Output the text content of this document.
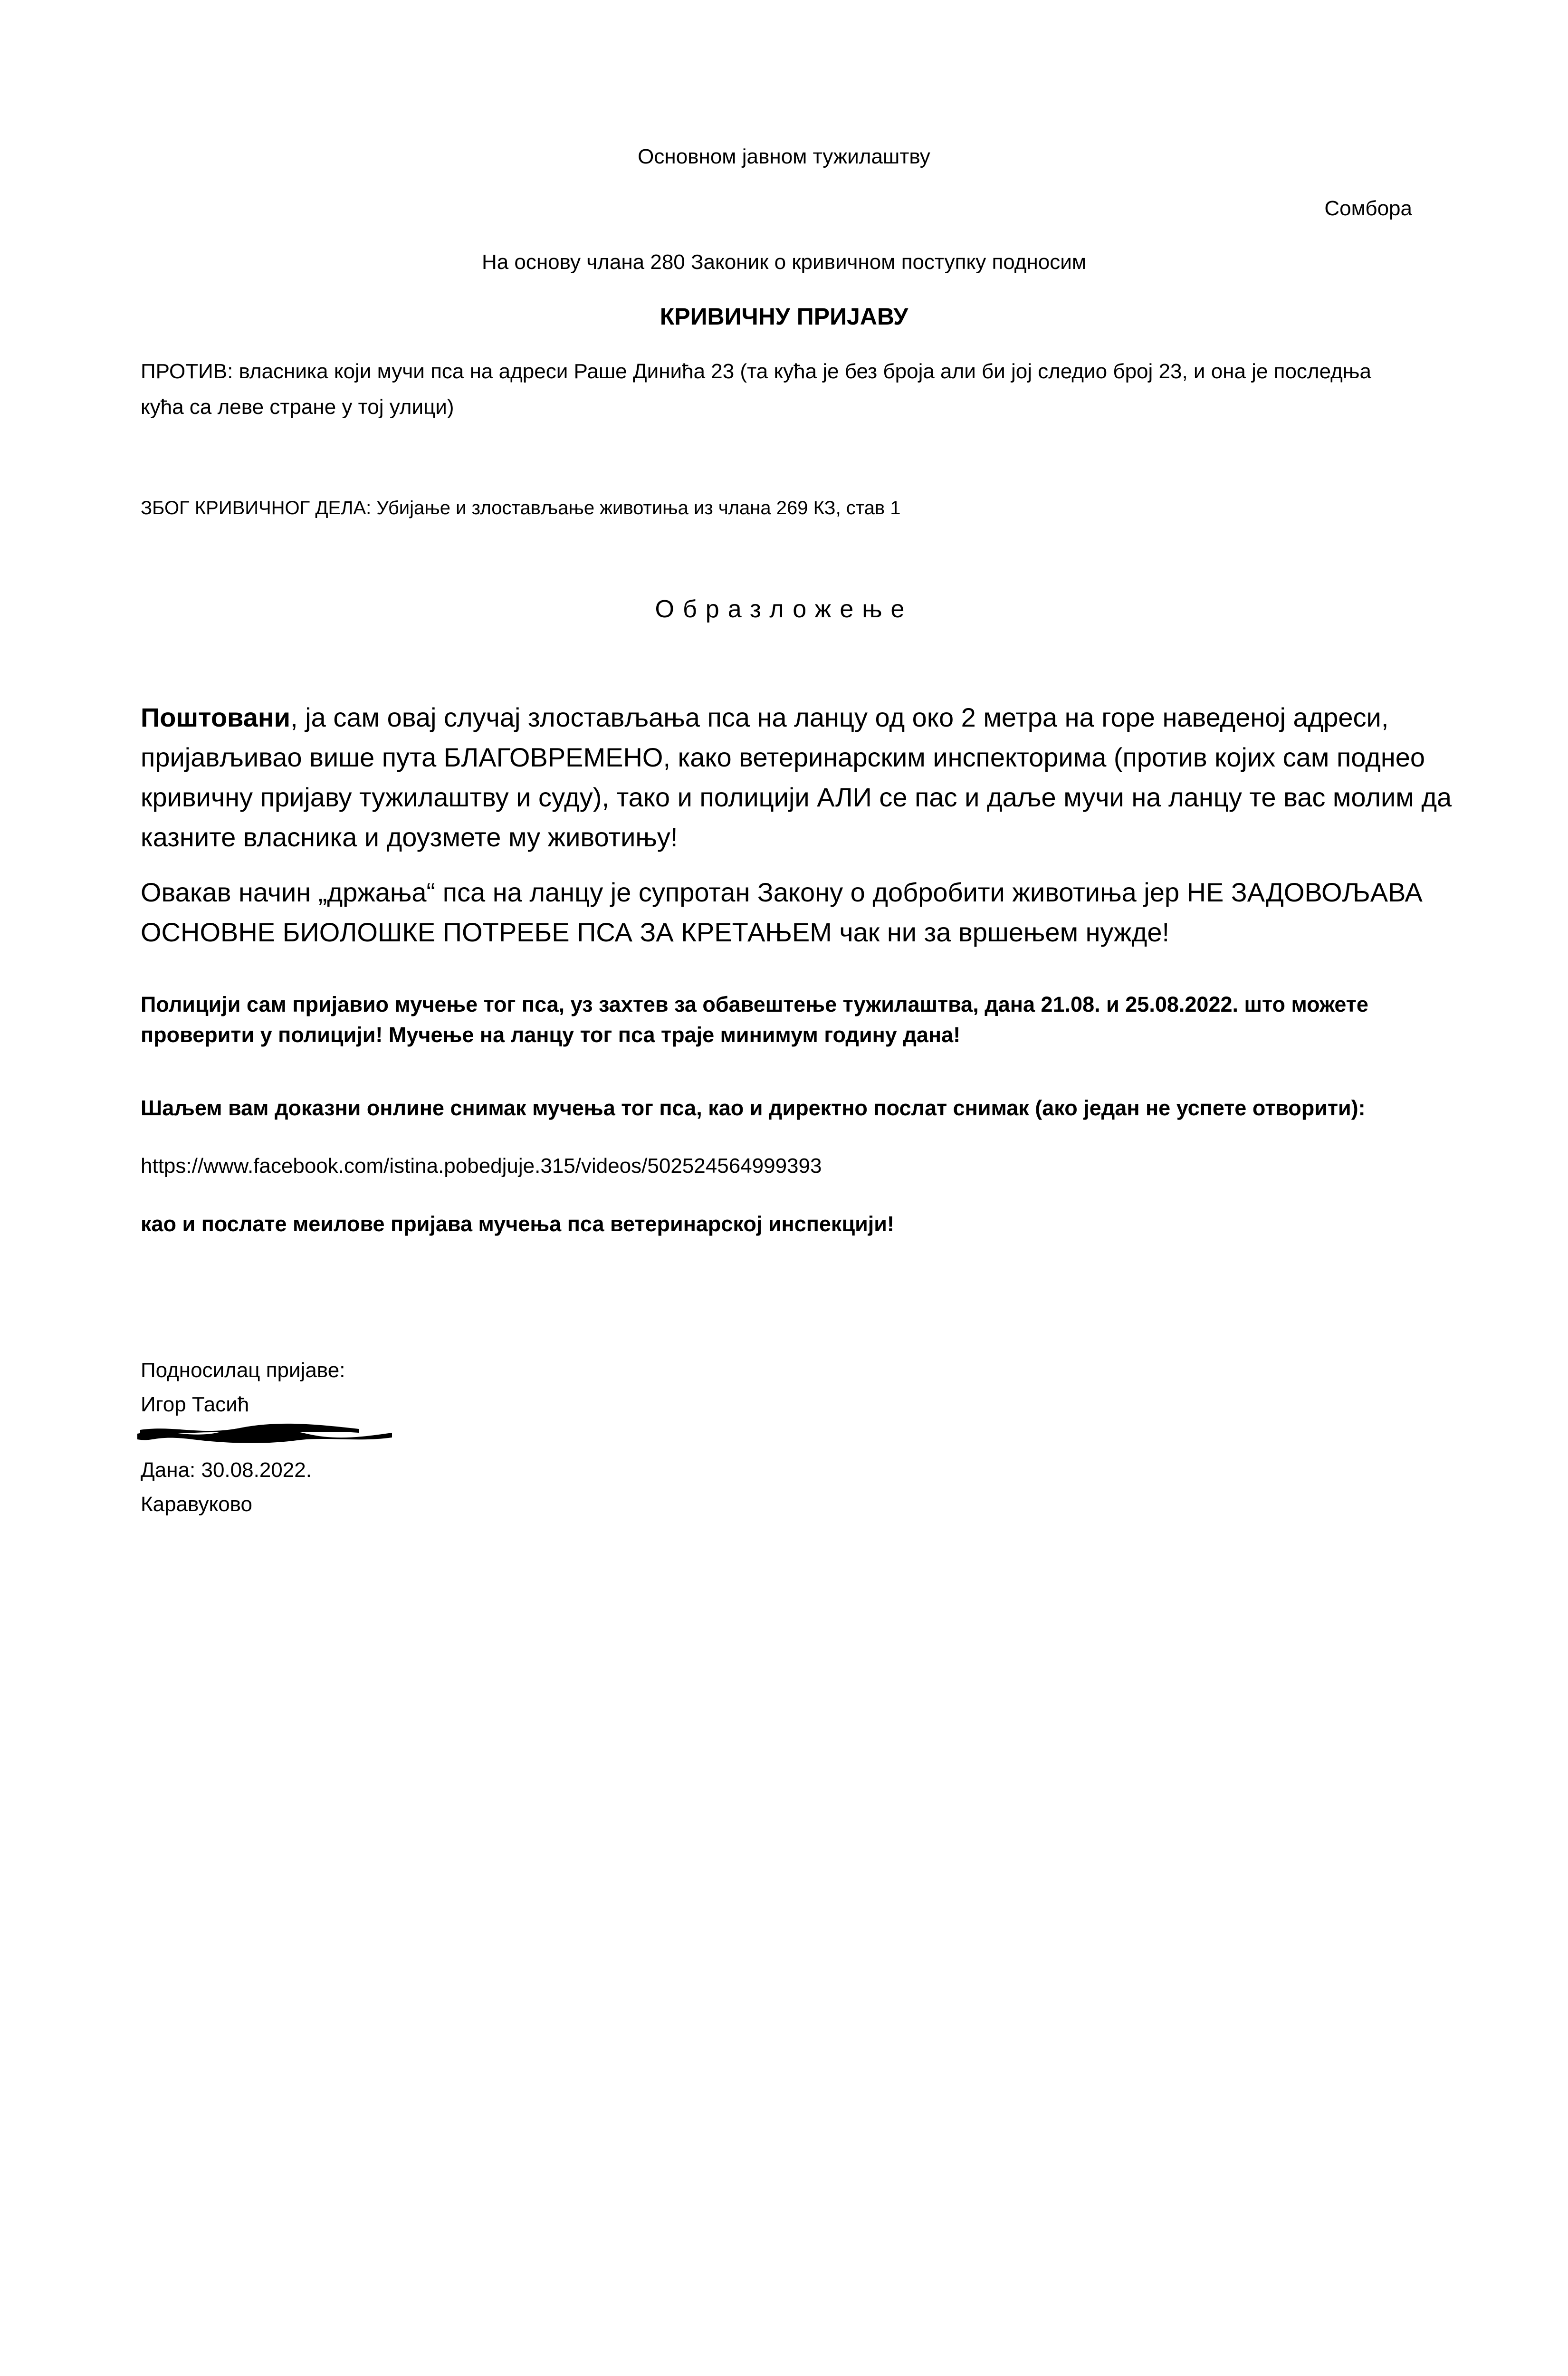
Основном јавном тужилаштву
Сомбора
На основу члана 280 Законик о кривичном поступку подносим
КРИВИЧНУ ПРИЈАВУ
ПРОТИВ: власника који мучи пса на адреси Раше Динића 23 (та кућа је без броја али би јој следио број 23, и она је последња
кућа са леве стране у тој улици)
ЗБОГ КРИВИЧНОГ ДЕЛА: Убијање и злостављање животиња из члана 269 КЗ, став 1
Образложење
Поштовани, ја сам овај случај злостављања пса на ланцу од око 2 метра на горе наведеној адреси,
пријављивао више пута БЛАГОВРЕМЕНО, како ветеринарским инспекторима (против којих сам поднео
кривичну пријаву тужилаштву и суду), тако и полицији АЛИ се пас и даље мучи на ланцу те вас молим да
казните власника и доузмете му животињу!
Овакав начин „држања“ пса на ланцу је супротан Закону о добробити животиња јер НЕ ЗАДОВОЉАВА
ОСНОВНЕ БИОЛОШКЕ ПОТРЕБЕ ПСА ЗА КРЕТАЊЕМ чак ни за вршењем нужде!
Полицији сам пријавио мучење тог пса, уз захтев за обавештење тужилаштва, дана 21.08. и 25.08.2022. што можете
проверити у полицији! Мучење на ланцу тог пса траје минимум годину дана!
Шаљем вам доказни онлине снимак мучења тог пса, као и директно послат снимак (ако један не успете отворити):
https://www.facebook.com/istina.pobedjuje.315/videos/502524564999393
као и послате меилове пријава мучења пса ветеринарској инспекцији!
Подносилац пријаве:
Игор Тасић
Дана: 30.08.2022.
Каравуково
